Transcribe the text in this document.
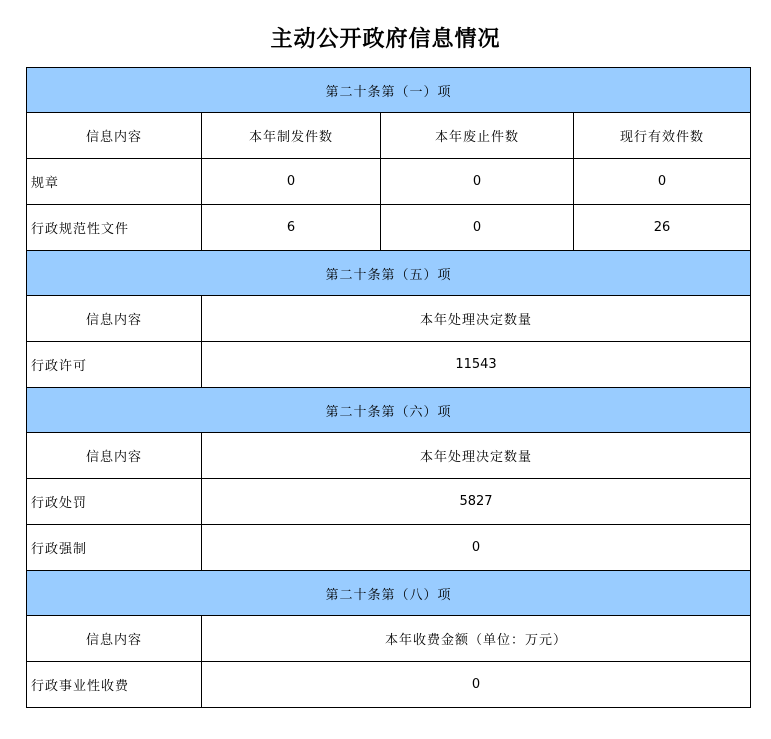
主动公开政府信息情况
第二十条第（一）项			
信息内容	本年制发件数	本年废止件数	现行有效件数
规章	0	0	0
行政规范性文件	6	0	26
第二十条第（五）项			
信息内容	本年处理决定数量		
行政许可	11543		
第二十条第（六）项			
信息内容	本年处理决定数量		
行政处罚	5827		
行政强制	0		
第二十条第（八）项			
信息内容	本年收费金额（单位：万元）		
行政事业性收费	0		
